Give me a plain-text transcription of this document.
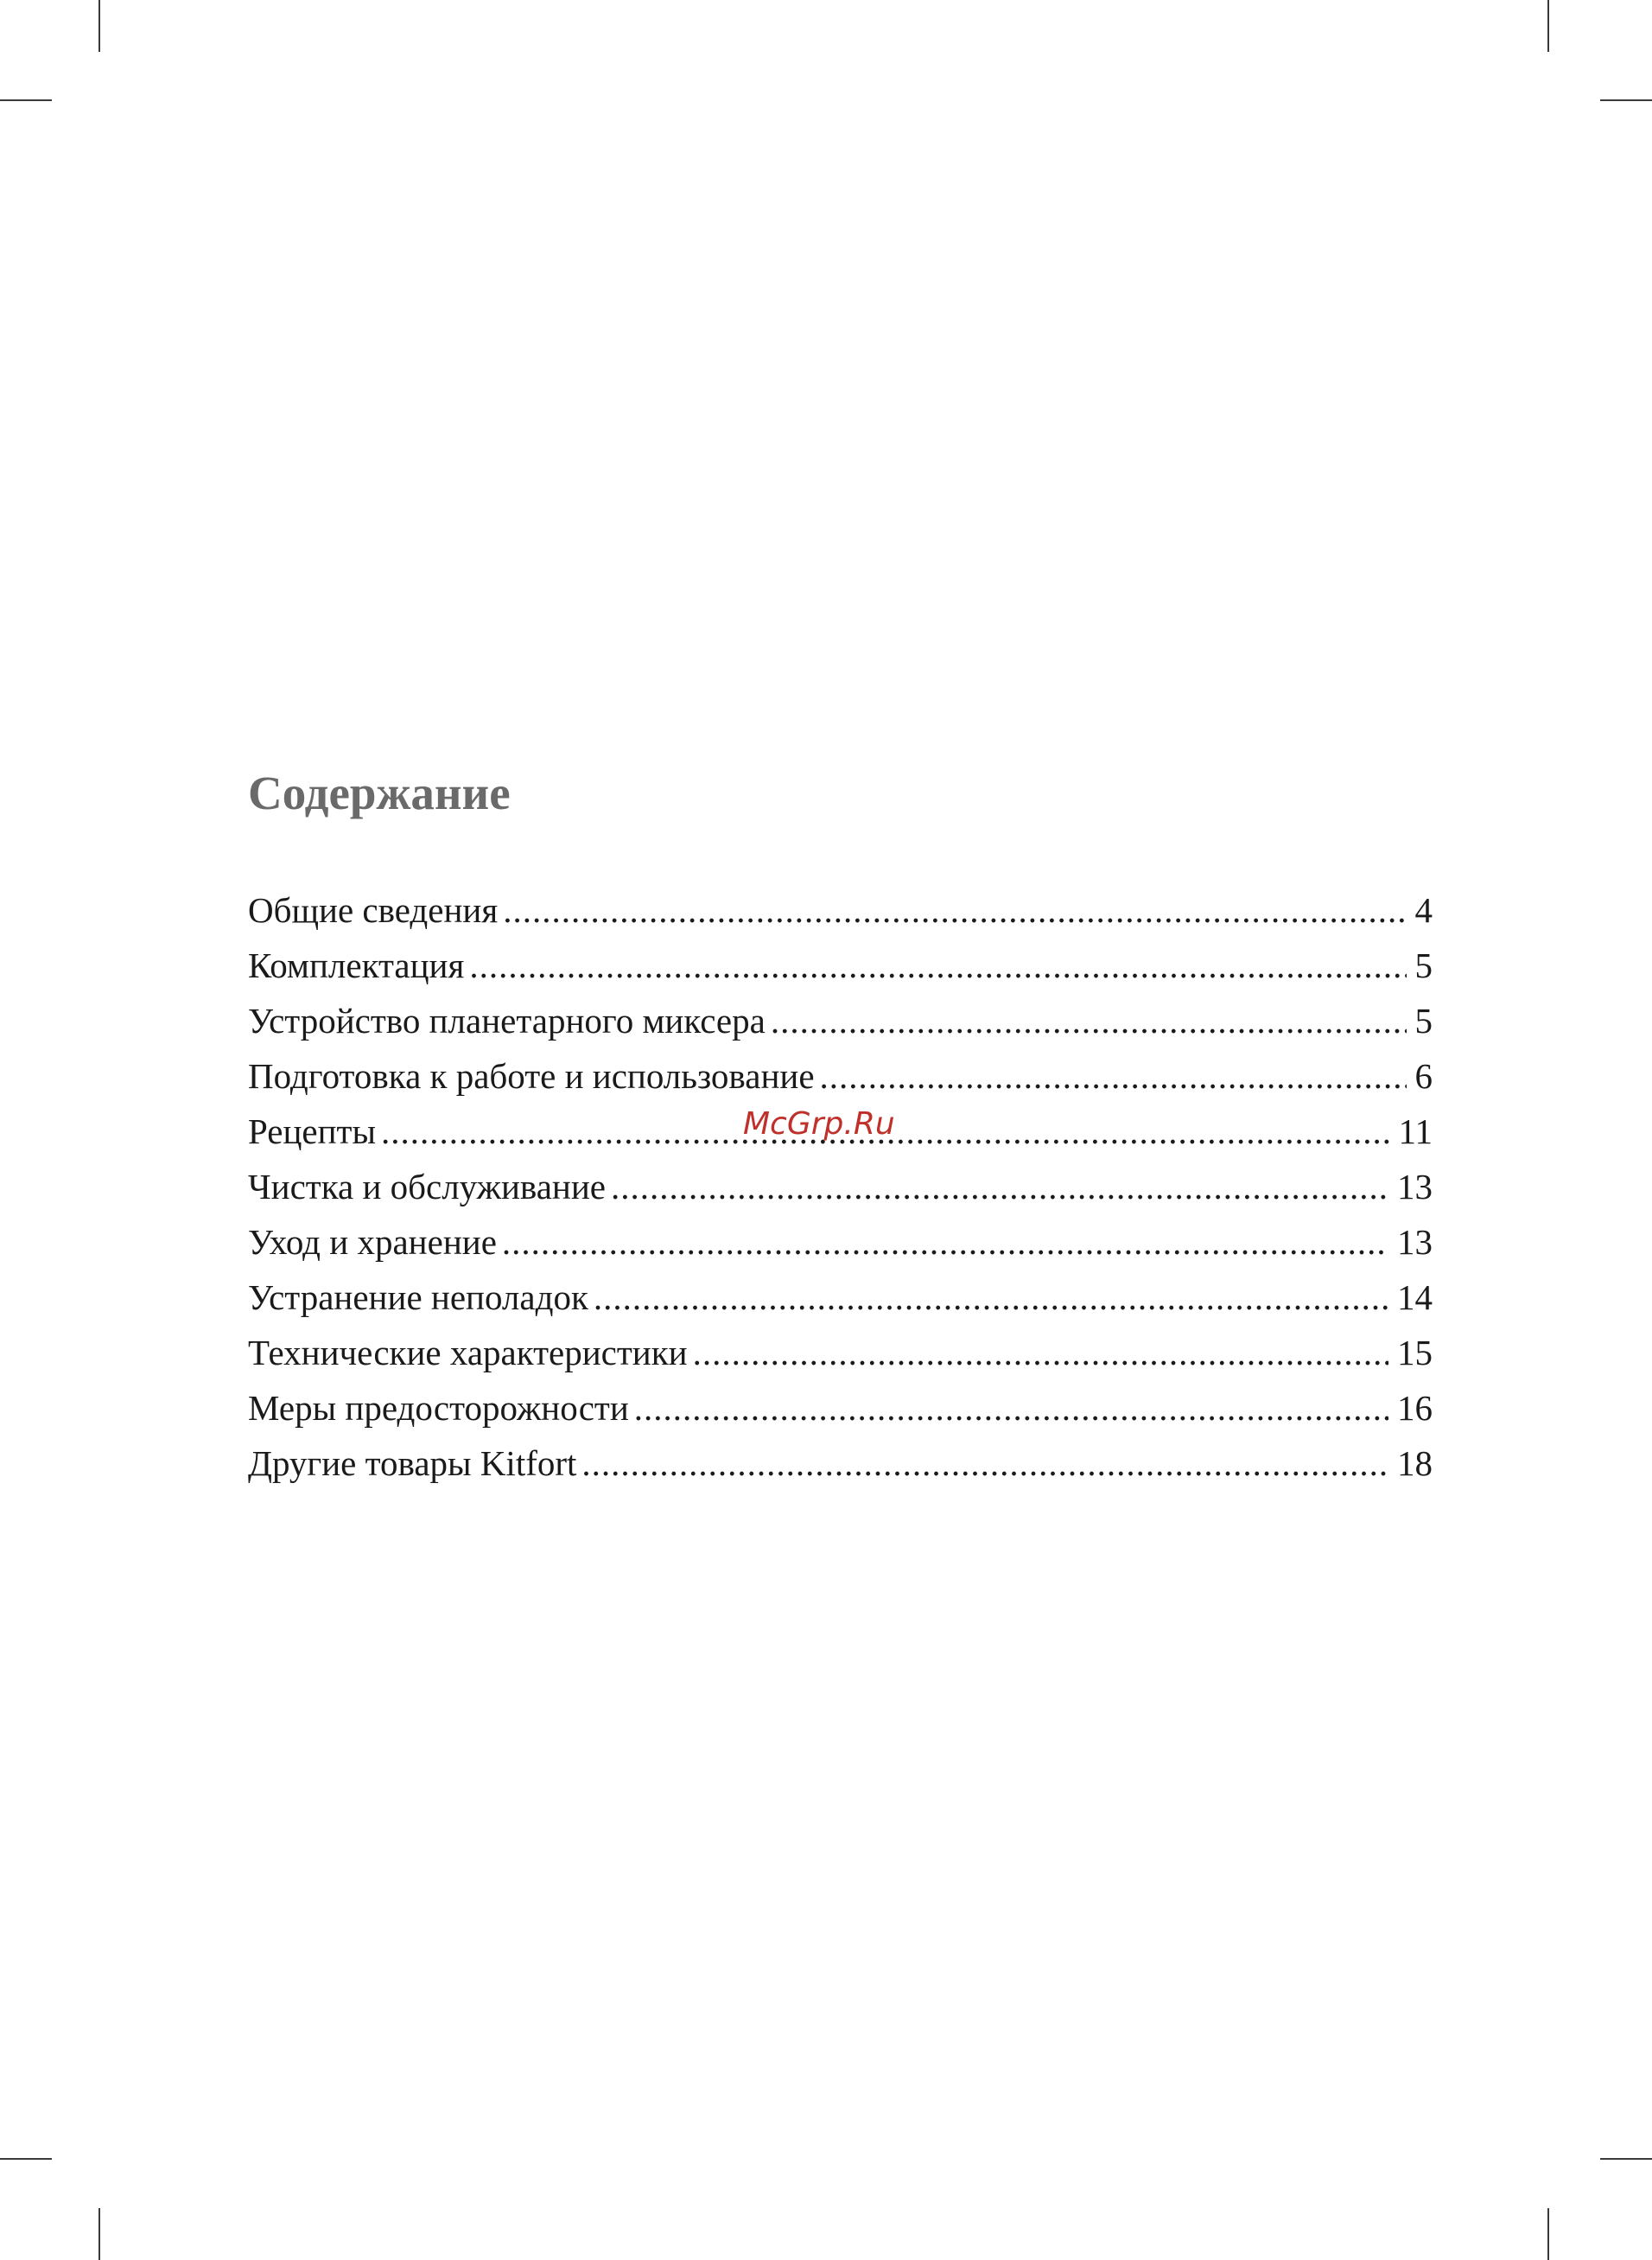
Содержание
Общие сведения .....	4
Комплектация .....	5
Устройство планетарного миксера .....	5
Подготовка к работе и использование .....	6
Рецепты .....	11
Чистка и обслуживание .....	13
Уход и хранение .....	13
Устранение неполадок .....	14
Технические характеристики .....	15
Меры предосторожности .....	16
Другие товары Kitfort .....	18
McGrp.Ru
